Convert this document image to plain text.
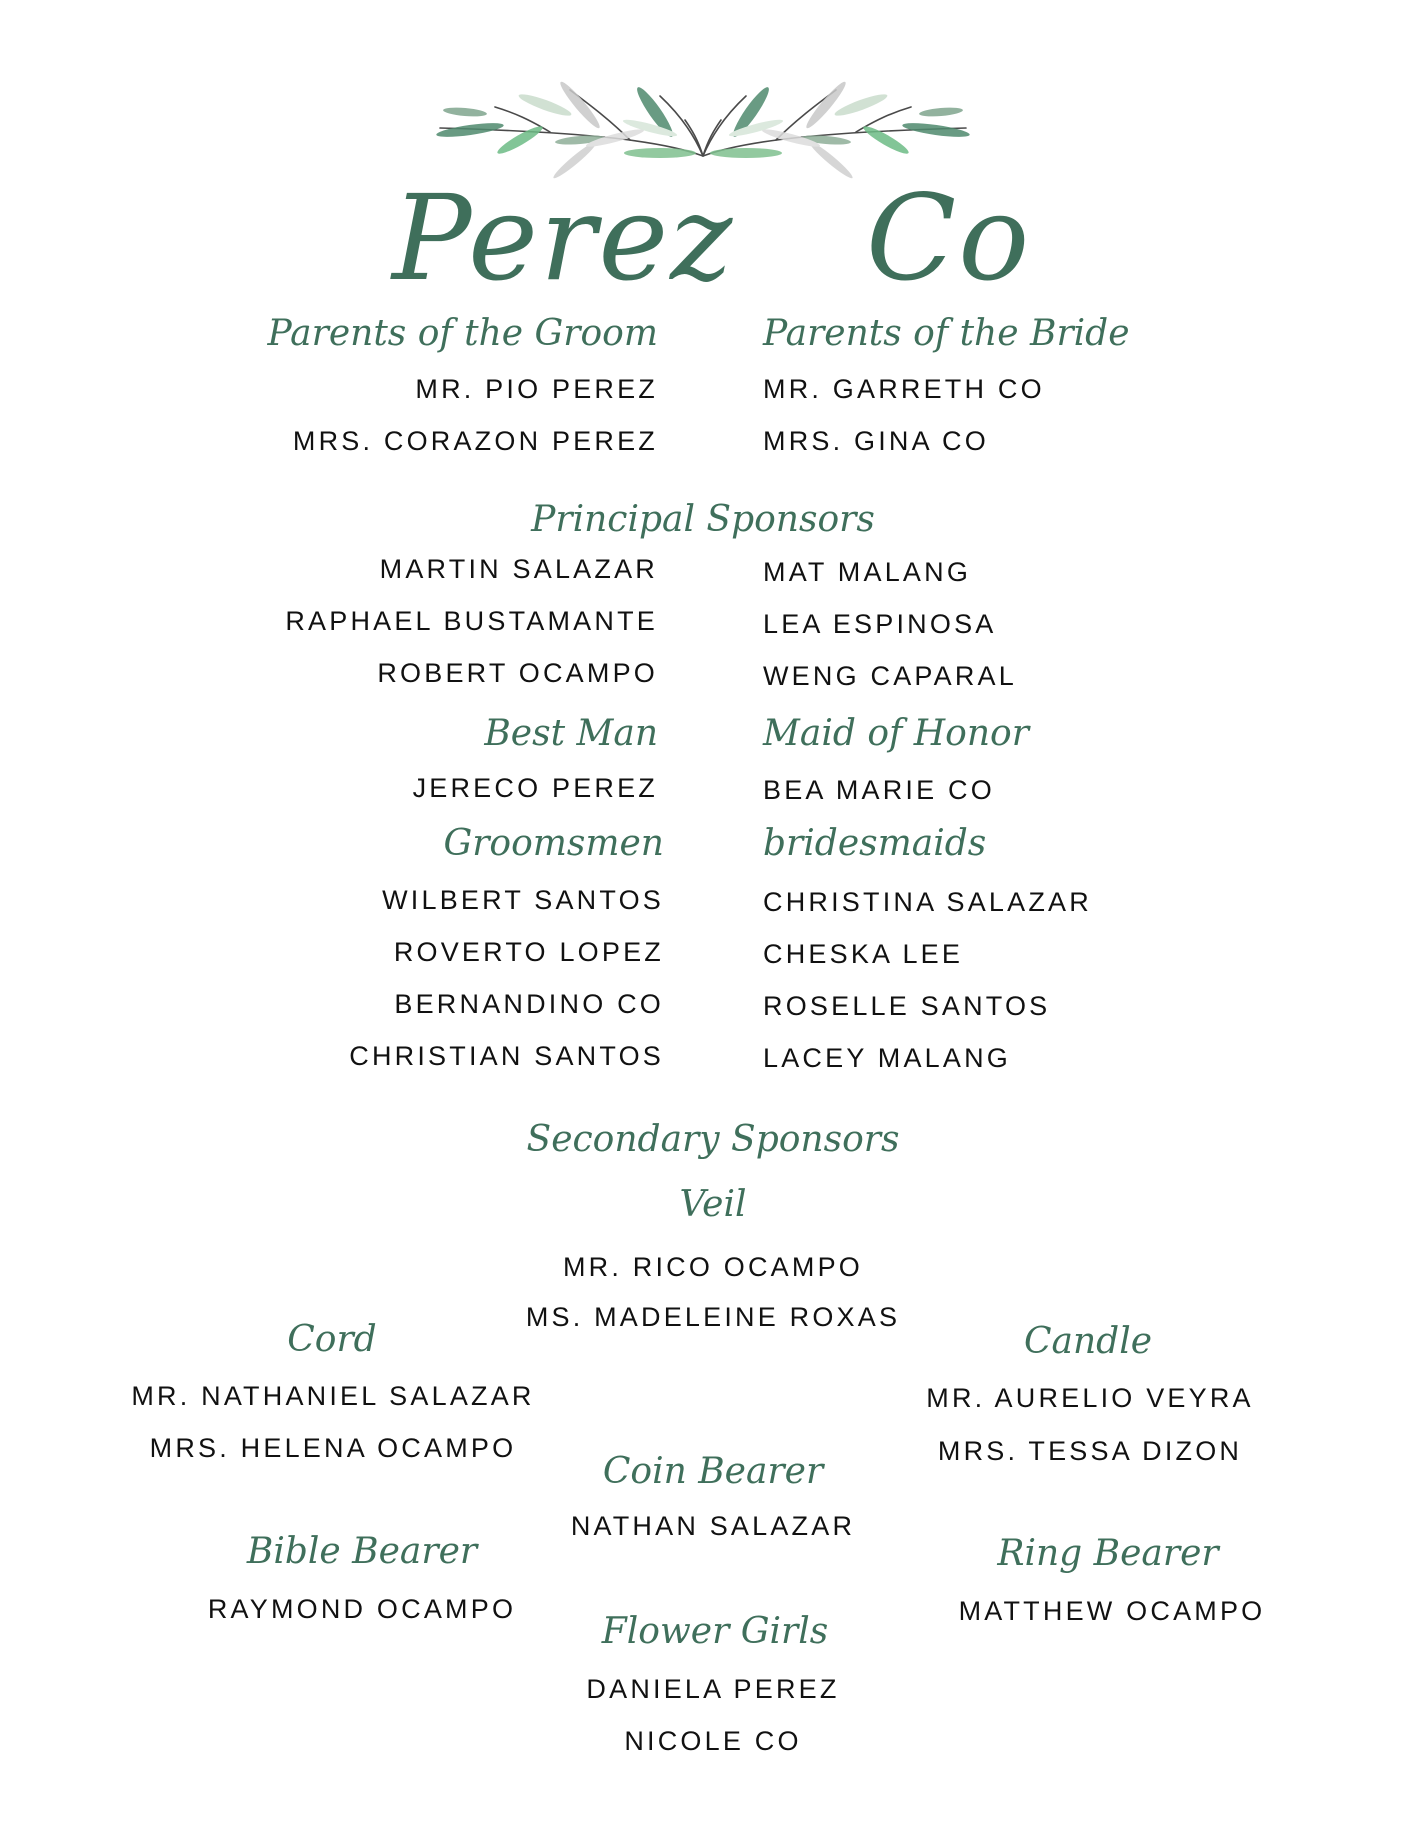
Perez Co
Parents of the Groom
MR. PIO PEREZ
MRS. CORAZON PEREZ
Parents of the Bride
MR. GARRETH CO
MRS. GINA CO
Principal Sponsors
MARTIN SALAZAR
RAPHAEL BUSTAMANTE
ROBERT OCAMPO
MAT MALANG
LEA ESPINOSA
WENG CAPARAL
Best Man
JERECO PEREZ
Maid of Honor
BEA MARIE CO
Groomsmen
WILBERT SANTOS
ROVERTO LOPEZ
BERNANDINO CO
CHRISTIAN SANTOS
bridesmaids
CHRISTINA SALAZAR
CHESKA LEE
ROSELLE SANTOS
LACEY MALANG
Secondary Sponsors
Veil
MR. RICO OCAMPO
MS. MADELEINE ROXAS
Cord
MR. NATHANIEL SALAZAR
MRS. HELENA OCAMPO
Candle
MR. AURELIO VEYRA
MRS. TESSA DIZON
Coin Bearer
NATHAN SALAZAR
Bible Bearer
RAYMOND OCAMPO
Ring Bearer
MATTHEW OCAMPO
Flower Girls
DANIELA PEREZ
NICOLE CO
